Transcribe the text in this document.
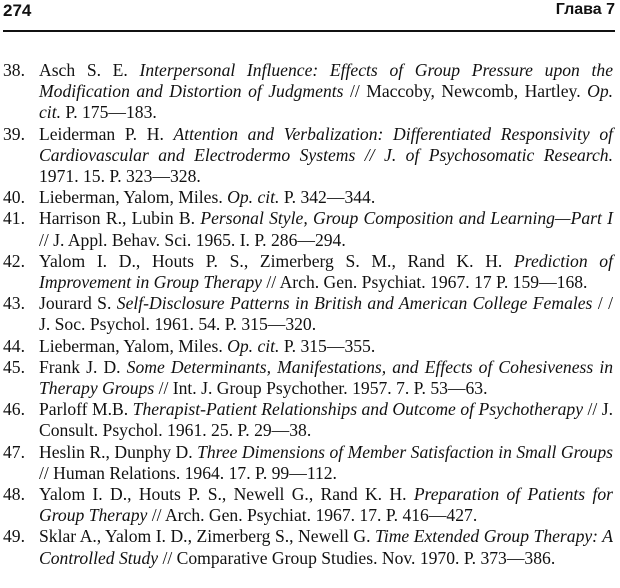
274	Глава 7
38. Asch S. E. Interpersonal Influence: Effects of Group Pressure upon the Modification and Distortion of Judgments // Maccoby, Newcomb, Hartley. Op. cit. P. 175—183.
39. Leiderman P. H. Attention and Verbalization: Differentiated Responsivity of Cardiovascular and Electrodermo Systems // J. of Psychosomatic Research. 1971. 15. P. 323—328.
40. Lieberman, Yalom, Miles. Op. cit. P. 342—344.
41. Harrison R., Lubin B. Personal Style, Group Composition and Learning—Part I // J. Appl. Behav. Sci. 1965. I. P. 286—294.
42. Yalom I. D., Houts P. S., Zimerberg S. M., Rand K. H. Prediction of Improvement in Group Therapy // Arch. Gen. Psychiat. 1967. 17 P. 159—168.
43. Jourard S. Self-Disclosure Patterns in British and American College Females / / J. Soc. Psychol. 1961. 54. P. 315—320.
44. Lieberman, Yalom, Miles. Op. cit. P. 315—355.
45. Frank J. D. Some Determinants, Manifestations, and Effects of Cohesiveness in Therapy Groups // Int. J. Group Psychother. 1957. 7. P. 53—63.
46. Parloff M.B. Therapist-Patient Relationships and Outcome of Psychotherapy // J. Consult. Psychol. 1961. 25. P. 29—38.
47. Heslin R., Dunphy D. Three Dimensions of Member Satisfaction in Small Groups // Human Relations. 1964. 17. P. 99—112.
48. Yalom I. D., Houts P. S., Newell G., Rand K. H. Preparation of Patients for Group Therapy // Arch. Gen. Psychiat. 1967. 17. P. 416—427.
49. Sklar A., Yalom I. D., Zimerberg S., Newell G. Time Extended Group Therapy: A Controlled Study // Comparative Group Studies. Nov. 1970. P. 373—386.
